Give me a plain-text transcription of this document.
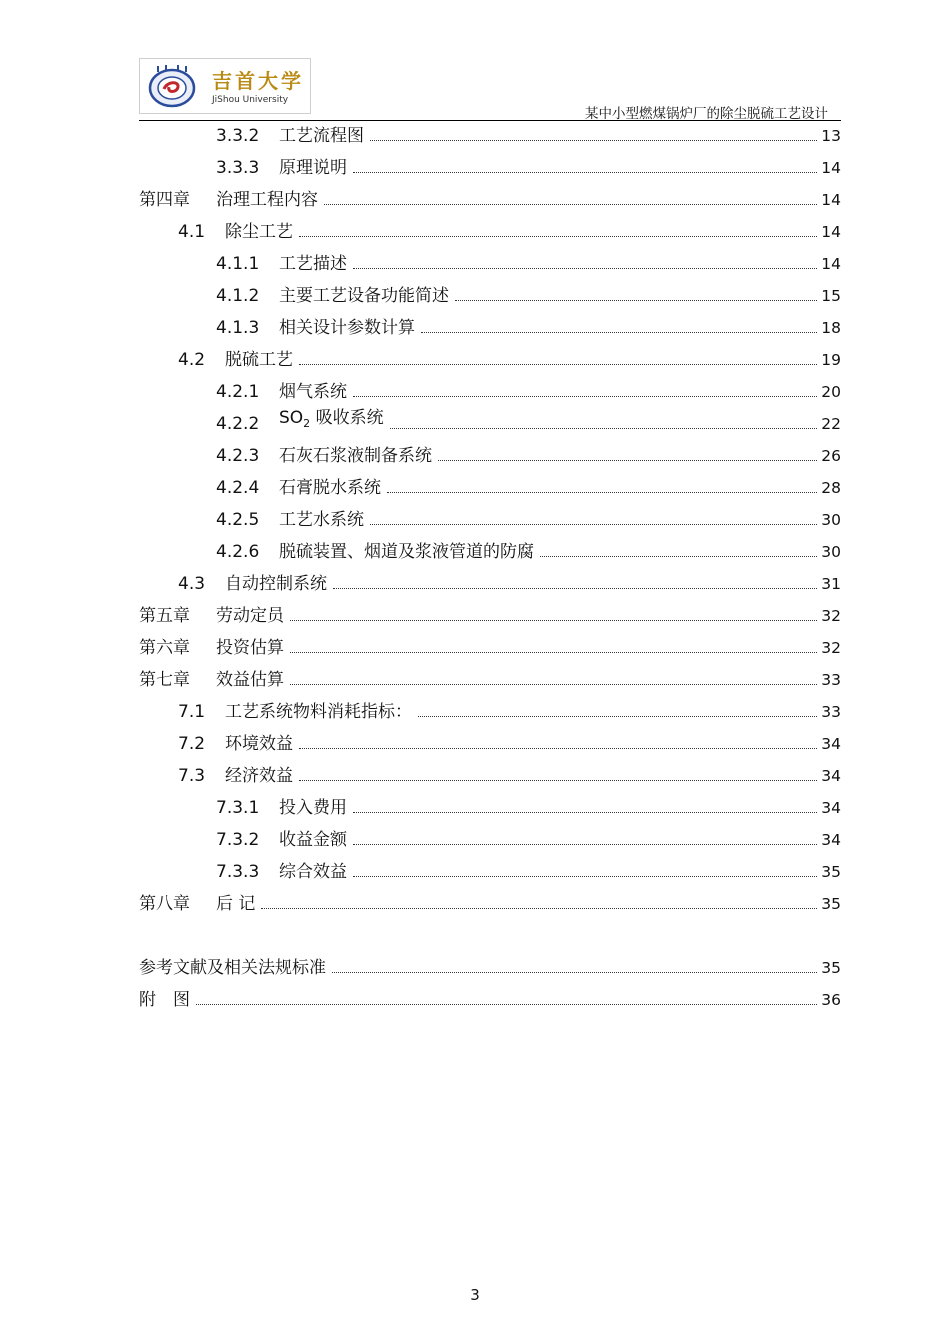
吉首大学
JiShou University
某中小型燃煤锅炉厂的除尘脱硫工艺设计
3.3.2	工艺流程图	13
3.3.3	原理说明	14
第四章	治理工程内容	14
4.1	除尘工艺	14
4.1.1	工艺描述	14
4.1.2	主要工艺设备功能简述	15
4.1.3	相关设计参数计算	18
4.2	脱硫工艺	19
4.2.1	烟气系统	20
4.2.2	$SO_2$ 吸收系统	22
4.2.3	石灰石浆液制备系统	26
4.2.4	石膏脱水系统	28
4.2.5	工艺水系统	30
4.2.6	脱硫装置、烟道及浆液管道的防腐	30
4.3	自动控制系统	31
第五章	劳动定员	32
第六章	投资估算	32
第七章	效益估算	33
7.1	工艺系统物料消耗指标：	33
7.2	环境效益	34
7.3	经济效益	34
7.3.1	投入费用	34
7.3.2	收益金额	34
7.3.3	综合效益	35
第八章	后 记	35
参考文献及相关法规标准	35
附　图	36
3
